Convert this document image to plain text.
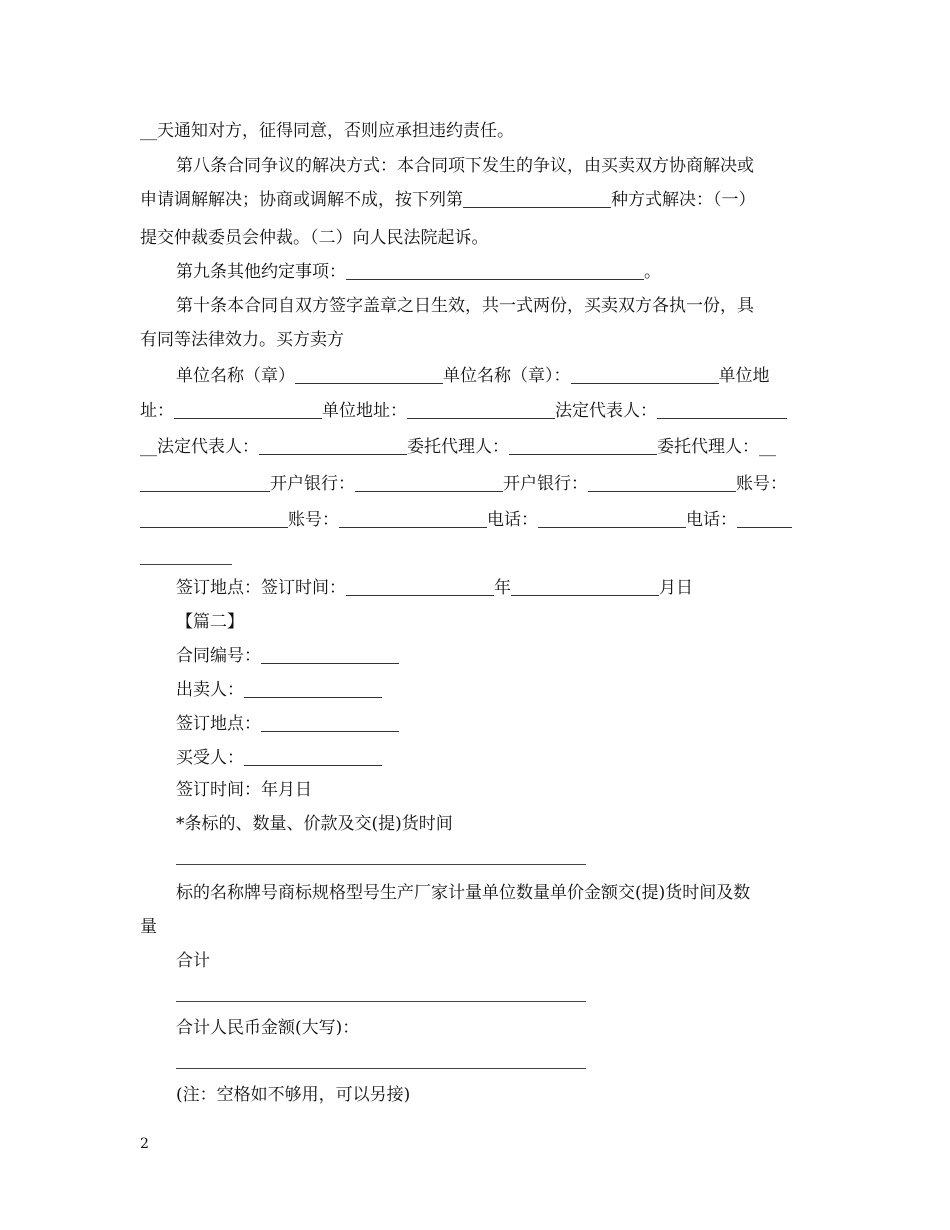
__天通知对方，征得同意，否则应承担违约责任。
第八条合同争议的解决方式：本合同项下发生的争议，由买卖双方协商解决或
申请调解解决；协商或调解不成，按下列第	种方式解决：（一）
提交仲裁委员会仲裁。（二）向人民法院起诉。
第九条其他约定事项：	。
第十条本合同自双方签字盖章之日生效，共一式两份，买卖双方各执一份，具
有同等法律效力。买方卖方
单位名称（章）	单位名称（章）：	单位地
址：	单位地址：	法定代表人：
__法定代表人：	委托代理人：	委托代理人：__
开户银行：	开户银行：	账号：
账号：	电话：	电话：
签订地点：签订时间：	年	月日
【篇二】
合同编号：
出卖人：
签订地点：
买受人：
签订时间：年月日
*条标的、数量、价款及交(提)货时间
标的名称牌号商标规格型号生产厂家计量单位数量单价金额交(提)货时间及数
量
合计
合计人民币金额(大写)：
(注：空格如不够用，可以另接)
2
